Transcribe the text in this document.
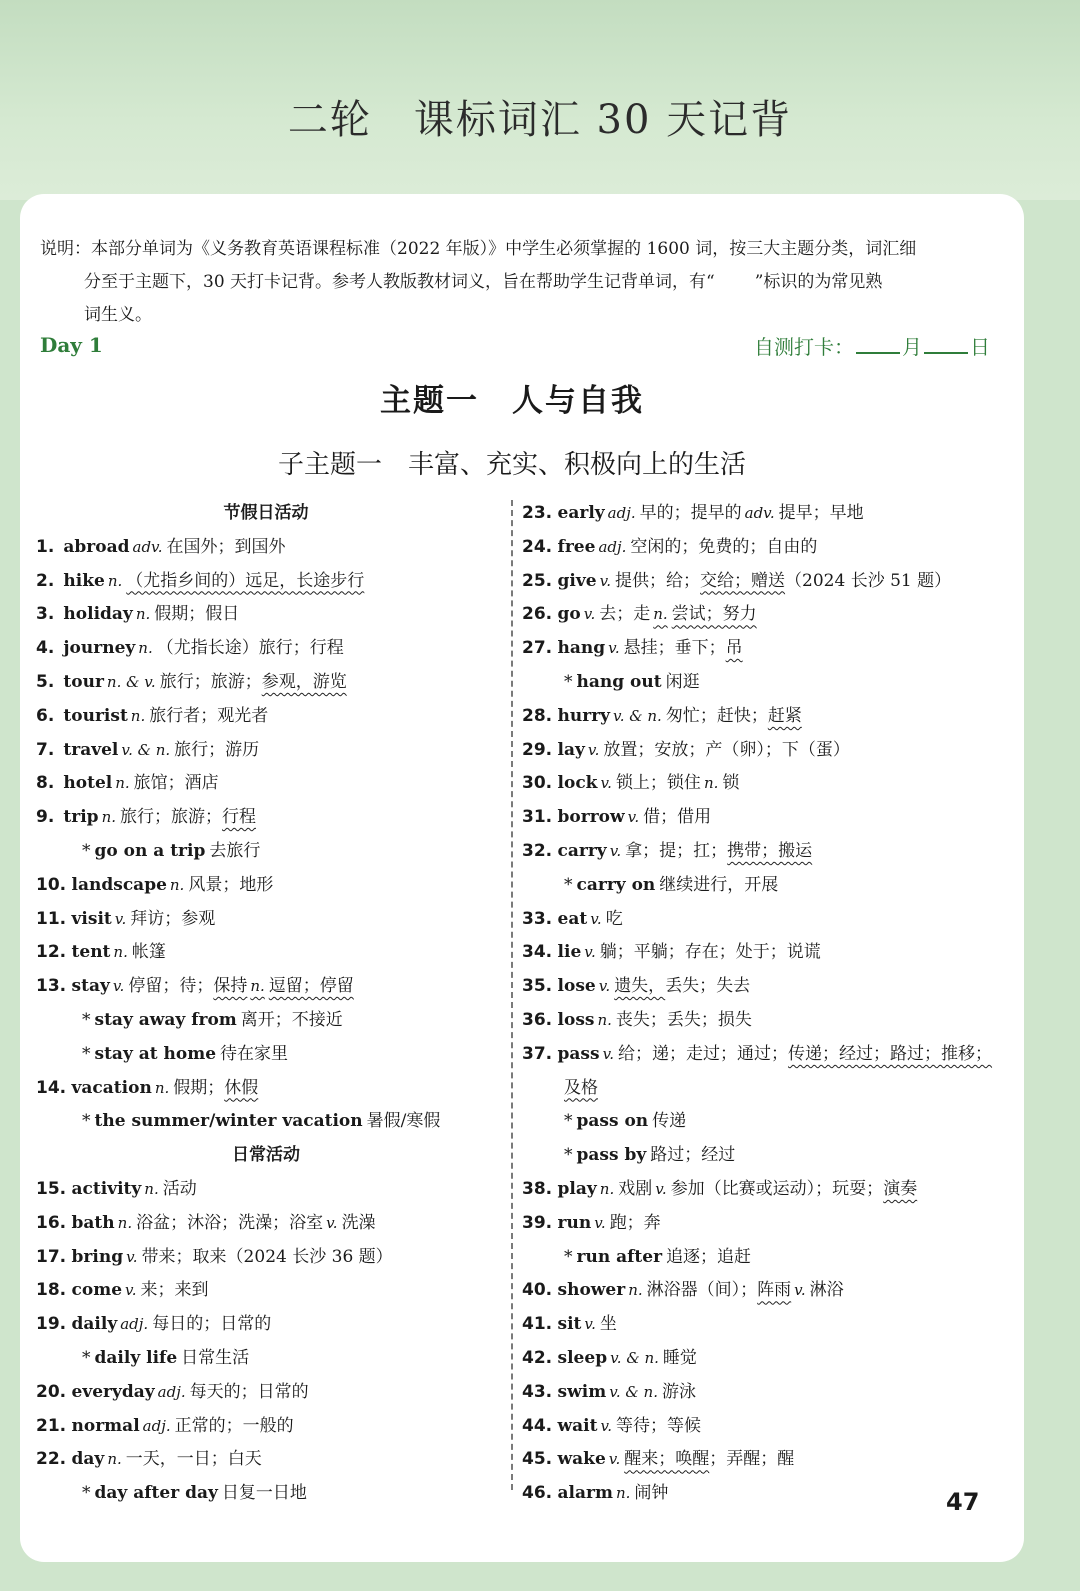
二轮　课标词汇 30 天记背
说明：本部分单词为《义务教育英语课程标准（2022 年版）》中学生必须掌握的 1600 词，按三大主题分类，词汇细
分至于主题下，30 天打卡记背。参考人教版教材词义，旨在帮助学生记背单词，有“ ”标识的为常见熟
词生义。
Day 1	自测打卡： 月 日
主题一　人与自我
子主题一　丰富、充实、积极向上的生活
节假日活动
1. abroad adv. 在国外；到国外
2. hike n. （尤指乡间的）远足，长途步行
3. holiday n. 假期；假日
4. journey n. （尤指长途）旅行；行程
5. tour n. & v. 旅行；旅游；参观，游览
6. tourist n. 旅行者；观光者
7. travel v. & n. 旅行；游历
8. hotel n. 旅馆；酒店
9. trip n. 旅行；旅游；行程
* go on a trip 去旅行
10. landscape n. 风景；地形
11. visit v. 拜访；参观
12. tent n. 帐篷
13. stay v. 停留；待；保持 n. 逗留；停留
* stay away from 离开；不接近
* stay at home 待在家里
14. vacation n. 假期；休假
* the summer/winter vacation 暑假/寒假
日常活动
15. activity n. 活动
16. bath n. 浴盆；沐浴；洗澡；浴室 v. 洗澡
17. bring v. 带来；取来（2024 长沙 36 题）
18. come v. 来；来到
19. daily adj. 每日的；日常的
* daily life 日常生活
20. everyday adj. 每天的；日常的
21. normal adj. 正常的；一般的
22. day n. 一天，一日；白天
* day after day 日复一日地
23. early adj. 早的；提早的 adv. 提早；早地
24. free adj. 空闲的；免费的；自由的
25. give v. 提供；给；交给；赠送（2024 长沙 51 题）
26. go v. 去；走 n. 尝试；努力
27. hang v. 悬挂；垂下；吊
* hang out 闲逛
28. hurry v. & n. 匆忙；赶快；赶紧
29. lay v. 放置；安放；产（卵）；下（蛋）
30. lock v. 锁上；锁住 n. 锁
31. borrow v. 借；借用
32. carry v. 拿；提；扛；携带；搬运
* carry on 继续进行，开展
33. eat v. 吃
34. lie v. 躺；平躺；存在；处于；说谎
35. lose v. 遗失，丢失；失去
36. loss n. 丧失；丢失；损失
37. pass v. 给；递；走过；通过；传递；经过；路过；推移；
及格
* pass on 传递
* pass by 路过；经过
38. play n. 戏剧 v. 参加（比赛或运动）；玩耍；演奏
39. run v. 跑；奔
* run after 追逐；追赶
40. shower n. 淋浴器（间）；阵雨 v. 淋浴
41. sit v. 坐
42. sleep v. & n. 睡觉
43. swim v. & n. 游泳
44. wait v. 等待；等候
45. wake v. 醒来；唤醒；弄醒；醒
46. alarm n. 闹钟	47
